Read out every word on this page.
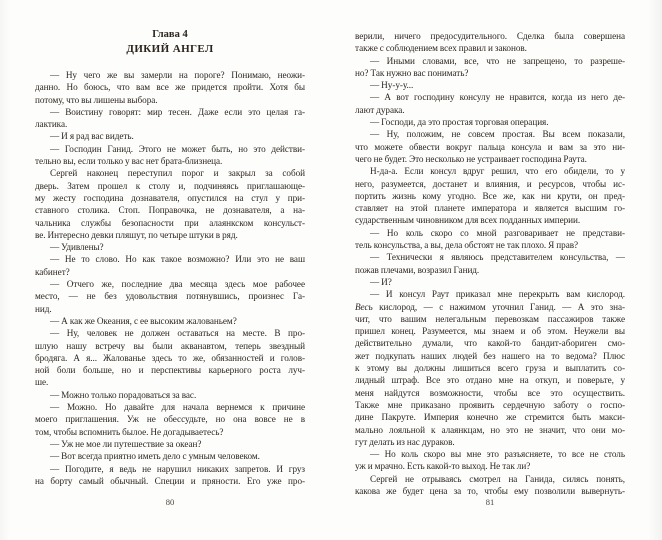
Глава 4
ДИКИЙ АНГЕЛ
— Ну чего же вы замерли на пороге? Понимаю, неожи-
данно. Но боюсь, что вам все же придется пройти. Хотя бы
потому, что вы лишены выбора.
— Воистину говорят: мир тесен. Даже если это целая га-
лактика.
— И я рад вас видеть.
— Господин Ганид. Этого не может быть, но это действи-
тельно вы, если только у вас нет брата-близнеца.
Сергей наконец переступил порог и закрыл за собой
дверь. Затем прошел к столу и, подчиняясь приглашающе-
му жесту господина дознавателя, опустился на стул у при-
ставного столика. Стоп. Поправочка, не дознавателя, а на-
чальника службы безопасности при алаянкском консульст-
ве. Интересно девки пляшут, по четыре штуки в ряд.
— Удивлены?
— Не то слово. Но как такое возможно? Или это не ваш
кабинет?
— Отчего же, последние два месяца здесь мое рабочее
место, — не без удовольствия потянувшись, произнес Га-
нид.
— А как же Океания, с ее высоким жалованьем?
— Ну, человек не должен оставаться на месте. В про-
шлую нашу встречу вы были акванавтом, теперь звездный
бродяга. А я... Жалованье здесь то же, обязанностей и голов-
ной боли больше, но и перспективы карьерного роста луч-
ше.
— Можно только порадоваться за вас.
— Можно. Но давайте для начала вернемся к причине
моего приглашения. Уж не обессудьте, но она вовсе не в
том, чтобы вспомнить былое. Не догадываетесь?
— Уж не мое ли путешествие за океан?
— Вот всегда приятно иметь дело с умным человеком.
— Погодите, я ведь не нарушил никаких запретов. И груз
на борту самый обычный. Специи и пряности. Его уже про-
80
верили, ничего предосудительного. Сделка была совершена
также с соблюдением всех правил и законов.
— Иными словами, все, что не запрещено, то разреше-
но? Так нужно вас понимать?
— Ну-у-у...
— А вот господину консулу не нравится, когда из него де-
лают дурака.
— Господи, да это простая торговая операция.
— Ну, положим, не совсем простая. Вы всем показали,
что можете обвести вокруг пальца консула и вам за это ни-
чего не будет. Это несколько не устраивает господина Раута.
Н-да-а. Если консул вдруг решил, что его обидели, то у
него, разумеется, достанет и влияния, и ресурсов, чтобы ис-
портить жизнь кому угодно. Все же, как ни крути, он пред-
ставляет на этой планете императора и является высшим го-
сударственным чиновником для всех подданных империи.
— Но коль скоро со мной разговаривает не представи-
тель консульства, а вы, дела обстоят не так плохо. Я прав?
— Технически я являюсь представителем консульства, —
пожав плечами, возразил Ганид.
— И?
— И консул Раут приказал мне перекрыть вам кислород.
Весь кислород, — с нажимом уточнил Ганид. — А это зна-
чит, что вашим нелегальным перевозкам пассажиров также
пришел конец. Разумеется, мы знаем и об этом. Неужели вы
действительно думали, что какой-то бандит-абориген смо-
жет подкупать наших людей без нашего на то ведома? Плюс
к этому вы должны лишиться всего груза и выплатить со-
лидный штраф. Все это отдано мне на откуп, и поверьте, у
меня найдутся возможности, чтобы все это осуществить.
Также мне приказано проявить сердечную заботу о госпо-
дине Пакруте. Империя конечно же стремится быть макси-
мально лояльной к алаянкцам, но это не значит, что они мо-
гут делать из нас дураков.
— Но коль скоро вы мне это разъясняете, то все не столь
уж и мрачно. Есть какой-то выход. Не так ли?
Сергей не отрываясь смотрел на Ганида, силясь понять,
какова же будет цена за то, чтобы ему позволили вывернуть-
81
